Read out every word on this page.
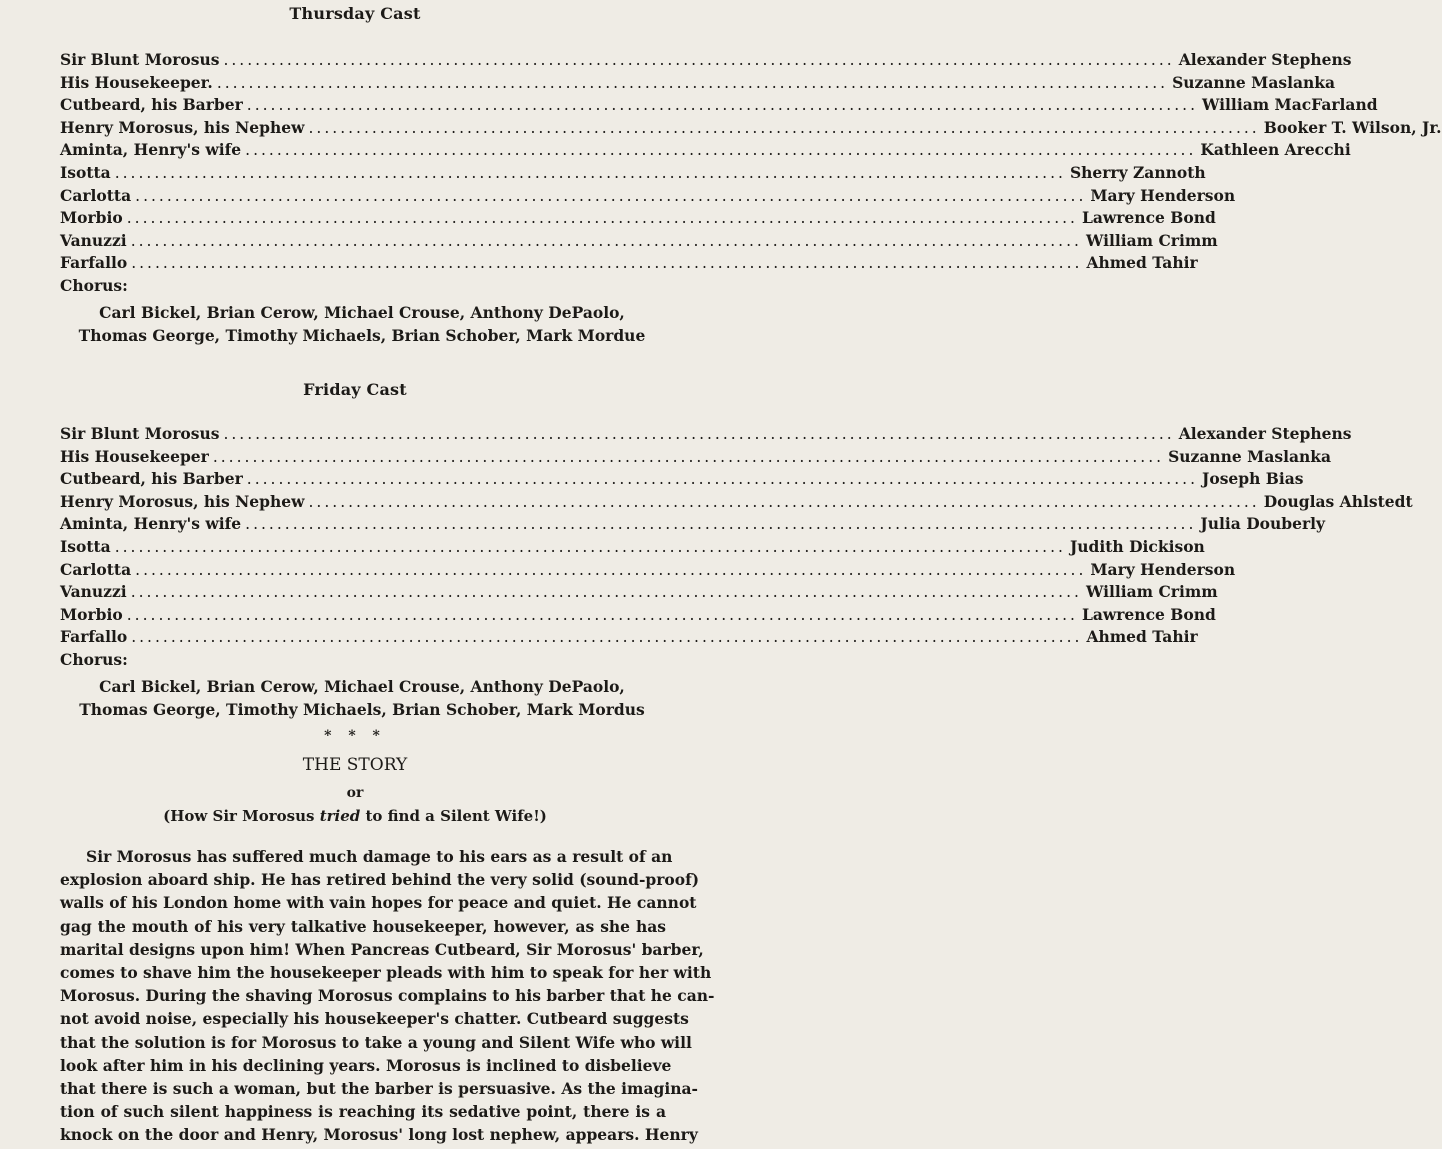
Thursday Cast
Sir Blunt Morosus ........................................................................................................................ Alexander Stephens
His Housekeeper. ........................................................................................................................ Suzanne Maslanka
Cutbeard, his Barber ........................................................................................................................ William MacFarland
Henry Morosus, his Nephew ........................................................................................................................ Booker T. Wilson, Jr.
Aminta, Henry's wife ........................................................................................................................ Kathleen Arecchi
Isotta ........................................................................................................................ Sherry Zannoth
Carlotta ........................................................................................................................ Mary Henderson
Morbio ........................................................................................................................ Lawrence Bond
Vanuzzi ........................................................................................................................ William Crimm
Farfallo ........................................................................................................................ Ahmed Tahir
Chorus:
Carl Bickel, Brian Cerow, Michael Crouse, Anthony DePaolo,
Thomas George, Timothy Michaels, Brian Schober, Mark Mordue
Friday Cast
Sir Blunt Morosus ........................................................................................................................ Alexander Stephens
His Housekeeper ........................................................................................................................ Suzanne Maslanka
Cutbeard, his Barber ........................................................................................................................ Joseph Bias
Henry Morosus, his Nephew ........................................................................................................................ Douglas Ahlstedt
Aminta, Henry's wife ........................................................................................................................ Julia Douberly
Isotta ........................................................................................................................ Judith Dickison
Carlotta ........................................................................................................................ Mary Henderson
Vanuzzi ........................................................................................................................ William Crimm
Morbio ........................................................................................................................ Lawrence Bond
Farfallo ........................................................................................................................ Ahmed Tahir
Chorus:
Carl Bickel, Brian Cerow, Michael Crouse, Anthony DePaolo,
Thomas George, Timothy Michaels, Brian Schober, Mark Mordus
* * *
THE STORY
or
(How Sir Morosus tried to find a Silent Wife!)
Sir Morosus has suffered much damage to his ears as a result of an
explosion aboard ship. He has retired behind the very solid (sound-proof)
walls of his London home with vain hopes for peace and quiet. He cannot
gag the mouth of his very talkative housekeeper, however, as she has
marital designs upon him! When Pancreas Cutbeard, Sir Morosus' barber,
comes to shave him the housekeeper pleads with him to speak for her with
Morosus. During the shaving Morosus complains to his barber that he can-
not avoid noise, especially his housekeeper's chatter. Cutbeard suggests
that the solution is for Morosus to take a young and Silent Wife who will
look after him in his declining years. Morosus is inclined to disbelieve
that there is such a woman, but the barber is persuasive. As the imagina-
tion of such silent happiness is reaching its sedative point, there is a
knock on the door and Henry, Morosus' long lost nephew, appears. Henry
